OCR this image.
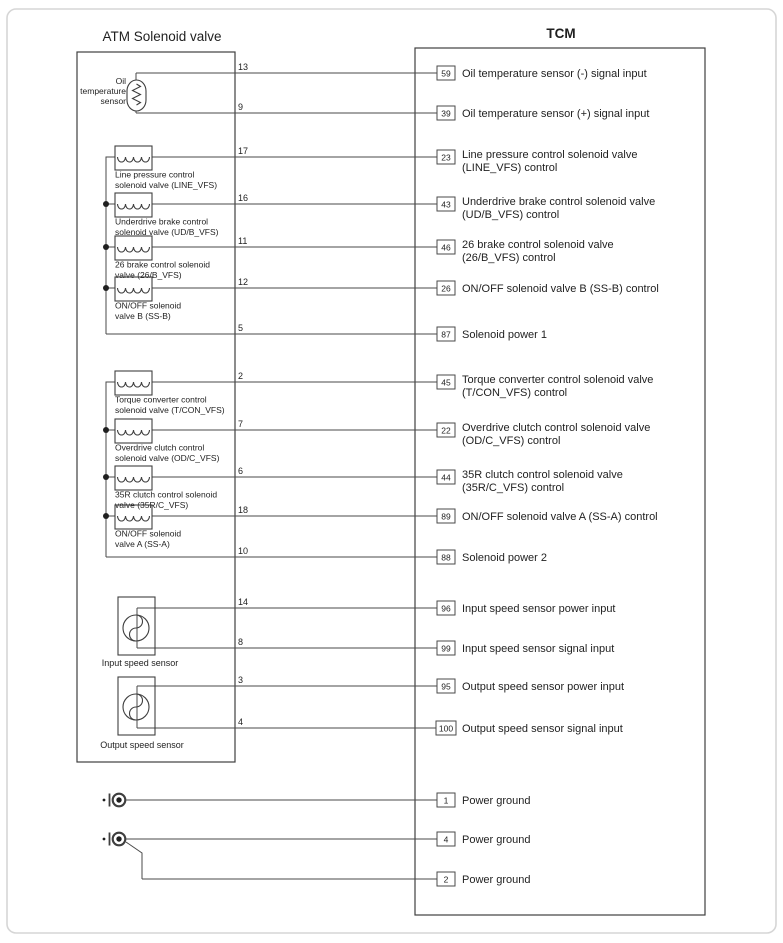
ATM Solenoid valve	TCM
13
59 Oil temperature sensor (-) signal input
9
39 Oil temperature sensor (+) signal input
17
23 Line pressure control solenoid valve
(LINE_VFS) control
16
43 Underdrive brake control solenoid valve
(UD/B_VFS) control
11
46 26 brake control solenoid valve
(26/B_VFS) control
12
26 ON/OFF solenoid valve B (SS-B) control
5
87 Solenoid power 1
2
45 Torque converter control solenoid valve
(T/CON_VFS) control
7
22 Overdrive clutch control solenoid valve
(OD/C_VFS) control
6
44 35R clutch control solenoid valve
(35R/C_VFS) control
18
89 ON/OFF solenoid valve A (SS-A) control
10
88 Solenoid power 2
14
96 Input speed sensor power input
8
99 Input speed sensor signal input
3
95 Output speed sensor power input
4
100 Output speed sensor signal input
1 Power ground
4 Power ground
2 Power ground
Oil
temperature
sensor
Line pressure control
solenoid valve (LINE_VFS)
Underdrive brake control
solenoid valve (UD/B_VFS)
26 brake control solenoid
valve (26/B_VFS)
ON/OFF solenoid
valve B (SS-B)
Torque converter control
solenoid valve (T/CON_VFS)
Overdrive clutch control
solenoid valve (OD/C_VFS)
35R clutch control solenoid
valve (35R/C_VFS)
ON/OFF solenoid
valve A (SS-A)
Input speed sensor
Output speed sensor
